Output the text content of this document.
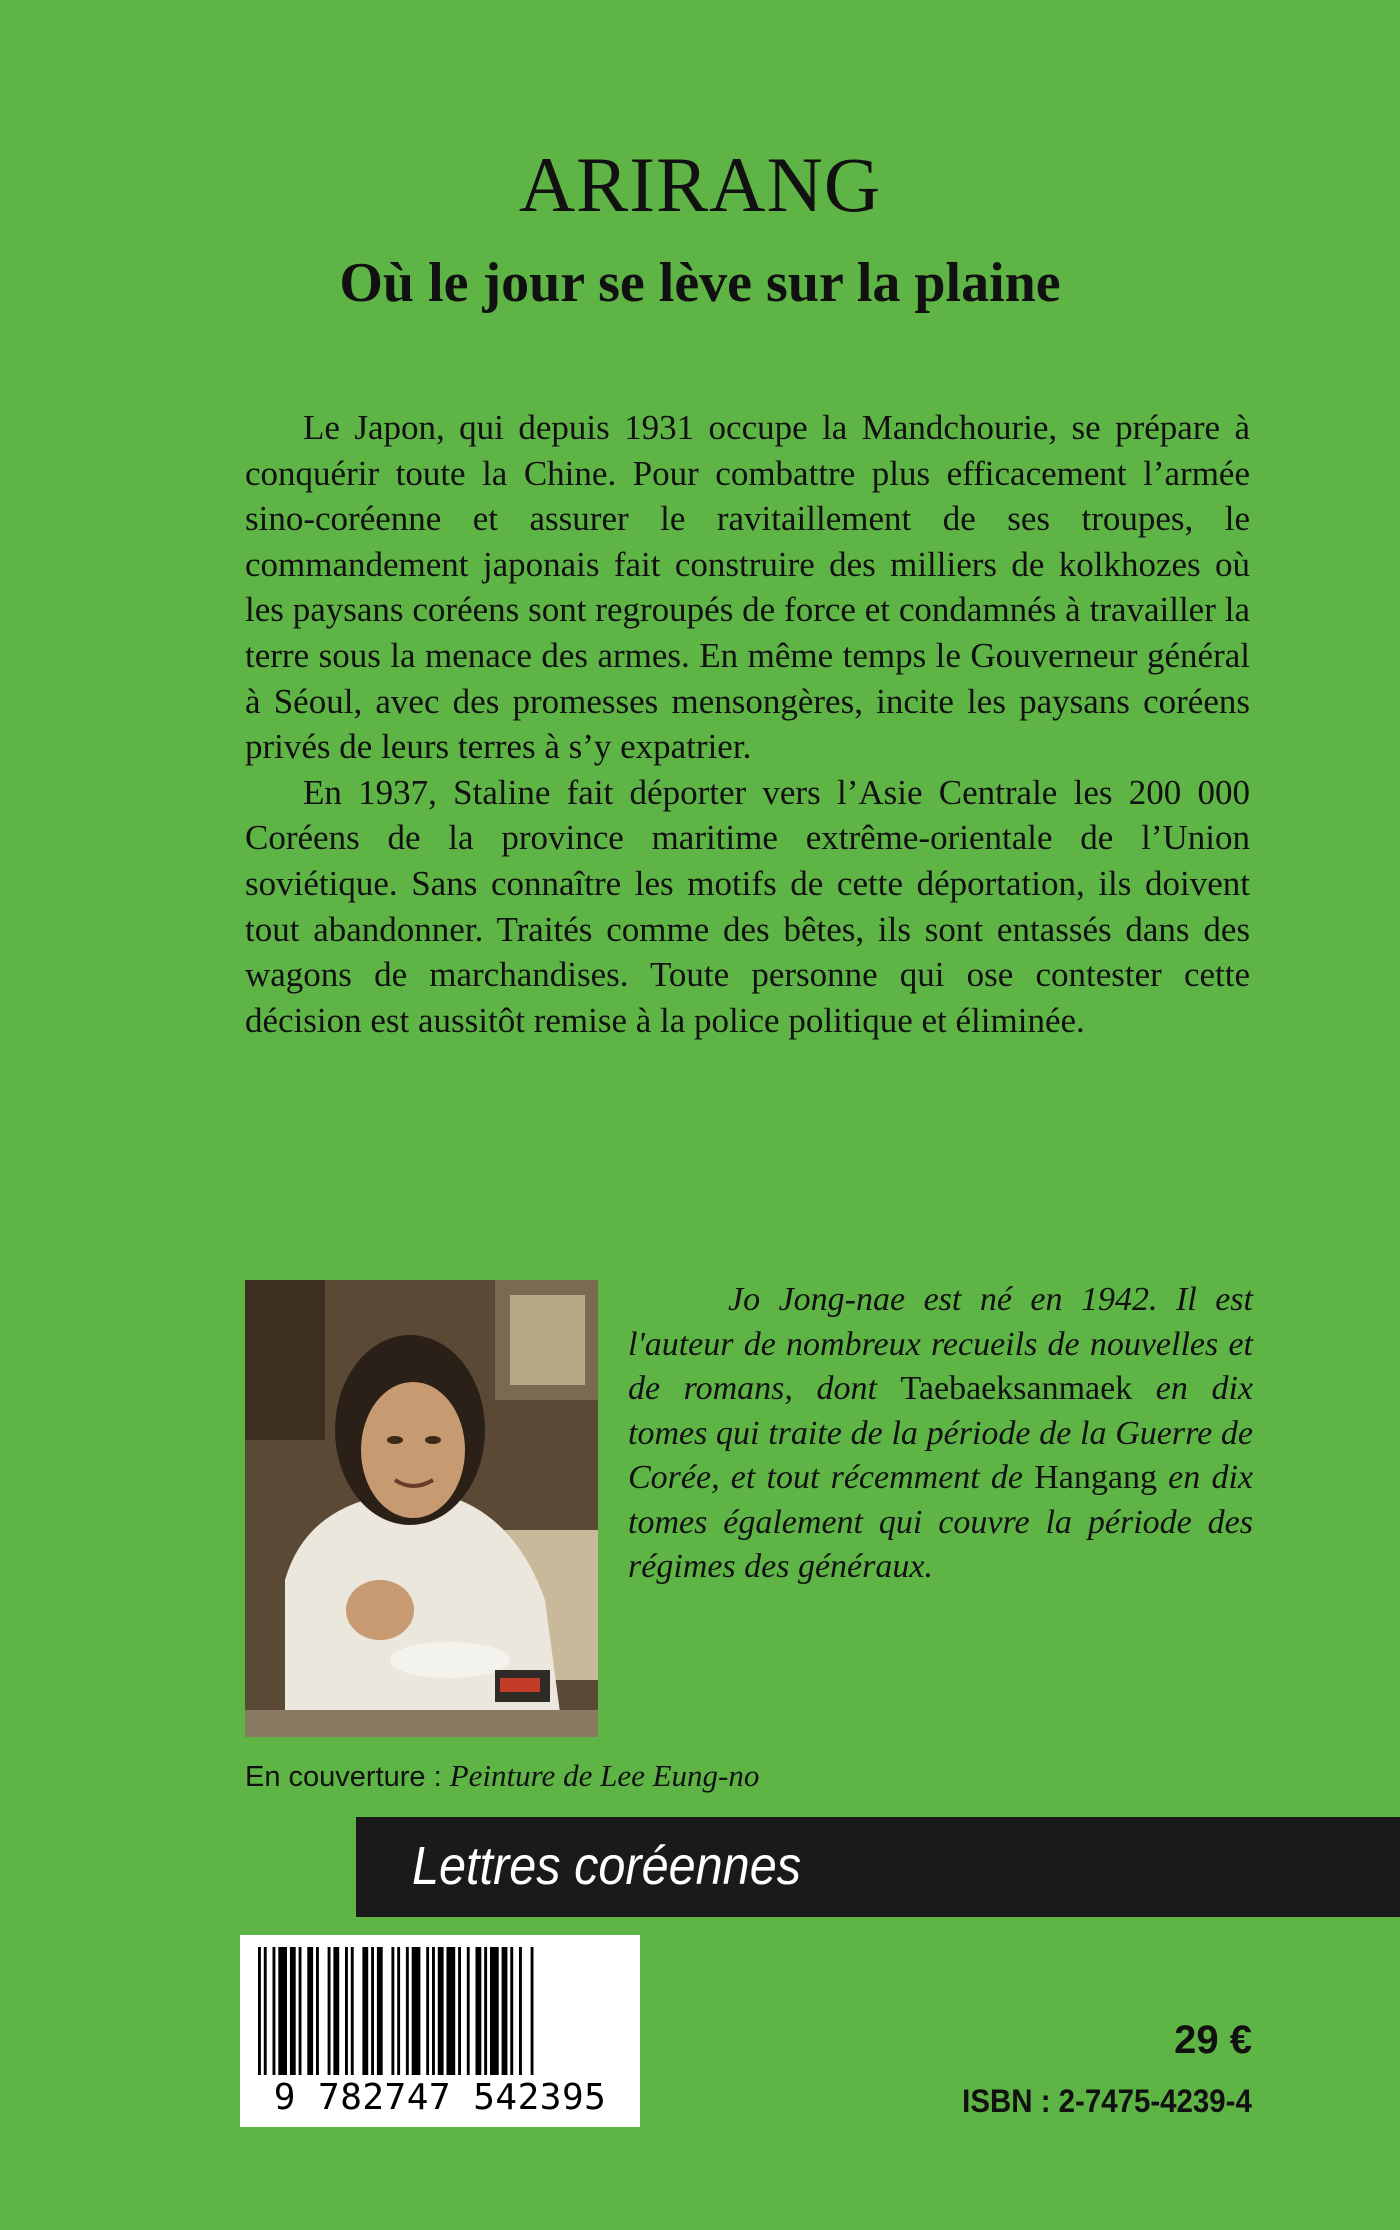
ARIRANG
Où le jour se lève sur la plaine

Le Japon, qui depuis 1931 occupe la Mandchourie, se prépare à conquérir toute la Chine. Pour combattre plus efficacement l’armée sino-coréenne et assurer le ravitaillement de ses troupes, le commandement japonais fait construire des milliers de kolkhozes où les paysans coréens sont regroupés de force et condamnés à travailler la terre sous la menace des armes. En même temps le Gouverneur général à Séoul, avec des promesses mensongères, incite les paysans coréens privés de leurs terres à s’y expatrier.

En 1937, Staline fait déporter vers l’Asie Centrale les 200 000 Coréens de la province maritime extrême-orientale de l’Union soviétique. Sans connaître les motifs de cette déportation, ils doivent tout abandonner. Traités comme des bêtes, ils sont entassés dans des wagons de marchandises. Toute personne qui ose contester cette décision est aussitôt remise à la police politique et éliminée.

Jo Jong-nae est né en 1942. Il est l'auteur de nombreux recueils de nouvelles et de romans, dont Taebaeksanmaek en dix tomes qui traite de la période de la Guerre de Corée, et tout récemment de Hangang en dix tomes également qui couvre la période des régimes des généraux.

En couverture : Peinture de Lee Eung-no
Lettres coréennes
9 782747 542395
29 €
ISBN : 2-7475-4239-4
